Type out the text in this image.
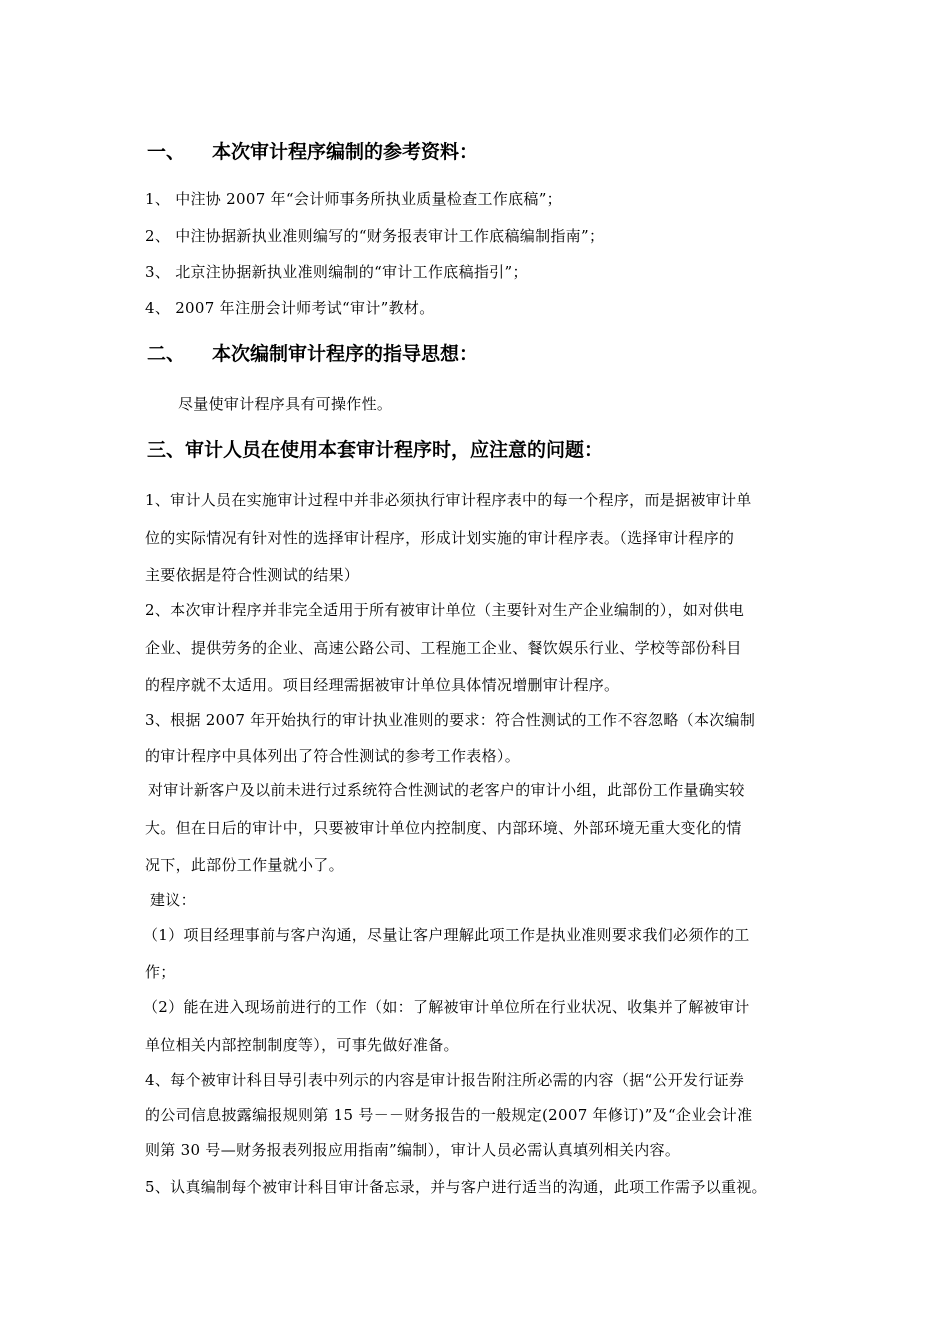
一、 本次审计程序编制的参考资料：
1、 中注协 2007 年“会计师事务所执业质量检查工作底稿”；
2、 中注协据新执业准则编写的“财务报表审计工作底稿编制指南”；
3、 北京注协据新执业准则编制的“审计工作底稿指引”；
4、 2007 年注册会计师考试“审计”教材。
二、 本次编制审计程序的指导思想：
尽量使审计程序具有可操作性。
三、审计人员在使用本套审计程序时，应注意的问题：
1、审计人员在实施审计过程中并非必须执行审计程序表中的每一个程序，而是据被审计单
位的实际情况有针对性的选择审计程序，形成计划实施的审计程序表。（选择审计程序的
主要依据是符合性测试的结果）
2、本次审计程序并非完全适用于所有被审计单位（主要针对生产企业编制的），如对供电
企业、提供劳务的企业、高速公路公司、工程施工企业、餐饮娱乐行业、学校等部份科目
的程序就不太适用。项目经理需据被审计单位具体情况增删审计程序。
3、根据 2007 年开始执行的审计执业准则的要求：符合性测试的工作不容忽略（本次编制
的审计程序中具体列出了符合性测试的参考工作表格）。
对审计新客户及以前未进行过系统符合性测试的老客户的审计小组，此部份工作量确实较
大。但在日后的审计中，只要被审计单位内控制度、内部环境、外部环境无重大变化的情
况下，此部份工作量就小了。
建议：
（1）项目经理事前与客户沟通，尽量让客户理解此项工作是执业准则要求我们必须作的工
作；
（2）能在进入现场前进行的工作（如：了解被审计单位所在行业状况、收集并了解被审计
单位相关内部控制制度等），可事先做好准备。
4、每个被审计科目导引表中列示的内容是审计报告附注所必需的内容（据“公开发行证券
的公司信息披露编报规则第 15 号－－财务报告的一般规定(2007 年修订)”及“企业会计准
则第 30 号—财务报表列报应用指南”编制），审计人员必需认真填列相关内容。
5、认真编制每个被审计科目审计备忘录，并与客户进行适当的沟通，此项工作需予以重视。
